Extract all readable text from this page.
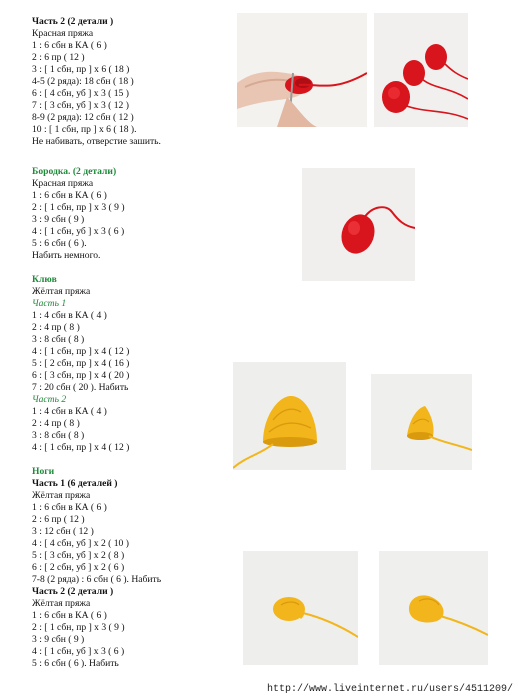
Часть 2 (2 детали )
Красная пряжа
1 : 6 сбн в КА ( 6 )
2 : 6 пр ( 12 )
3 : [ 1 сбн, пр ] х 6 ( 18 )
4-5 (2 ряда): 18 сбн ( 18 )
6 : [ 4 сбн, уб ] х 3 ( 15 )
7 : [ 3 сбн, уб ] х 3 ( 12 )
8-9 (2 ряда): 12 сбн ( 12 )
10 : [ 1 сбн, пр ] х 6 ( 18 ).
Не набивать, отверстие зашить.
Бородка. (2 детали)
Красная пряжа
1 : 6 сбн в КА ( 6 )
2 : [ 1 сбн, пр ] х 3 ( 9 )
3 : 9 сбн ( 9 )
4 : [ 1 сбн, уб ] х 3 ( 6 )
5 : 6 сбн ( 6 ).
Набить немного.
Клюв
Жёлтая пряжа
Часть 1
1 : 4 сбн в КА ( 4 )
2 : 4 пр ( 8 )
3 : 8 сбн ( 8 )
4 : [ 1 сбн, пр ] х 4 ( 12 )
5 : [ 2 сбн, пр ] х 4 ( 16 )
6 : [ 3 сбн, пр ] х 4 ( 20 )
7 : 20 сбн ( 20 ). Набить
Часть 2
1 : 4 сбн в КА ( 4 )
2 : 4 пр ( 8 )
3 : 8 сбн ( 8 )
4 : [ 1 сбн, пр ] х 4 ( 12 )
Ноги
Часть 1 (6 деталей )
Жёлтая пряжа
1 : 6 сбн в КА ( 6 )
2 : 6 пр ( 12 )
3 : 12 сбн ( 12 )
4 : [ 4 сбн, уб ] х 2 ( 10 )
5 : [ 3 сбн, уб ] х 2 ( 8 )
6 : [ 2 сбн, уб ] х 2 ( 6 )
7-8 (2 ряда) : 6 сбн ( 6 ). Набить
Часть 2 (2 детали )
Жёлтая пряжа
1 : 6 сбн в КА ( 6 )
2 : [ 1 сбн, пр ] х 3 ( 9 )
3 : 9 сбн ( 9 )
4 : [ 1 сбн, уб ] х 3 ( 6 )
5 : 6 сбн ( 6 ). Набить
http://www.liveinternet.ru/users/4511209/
